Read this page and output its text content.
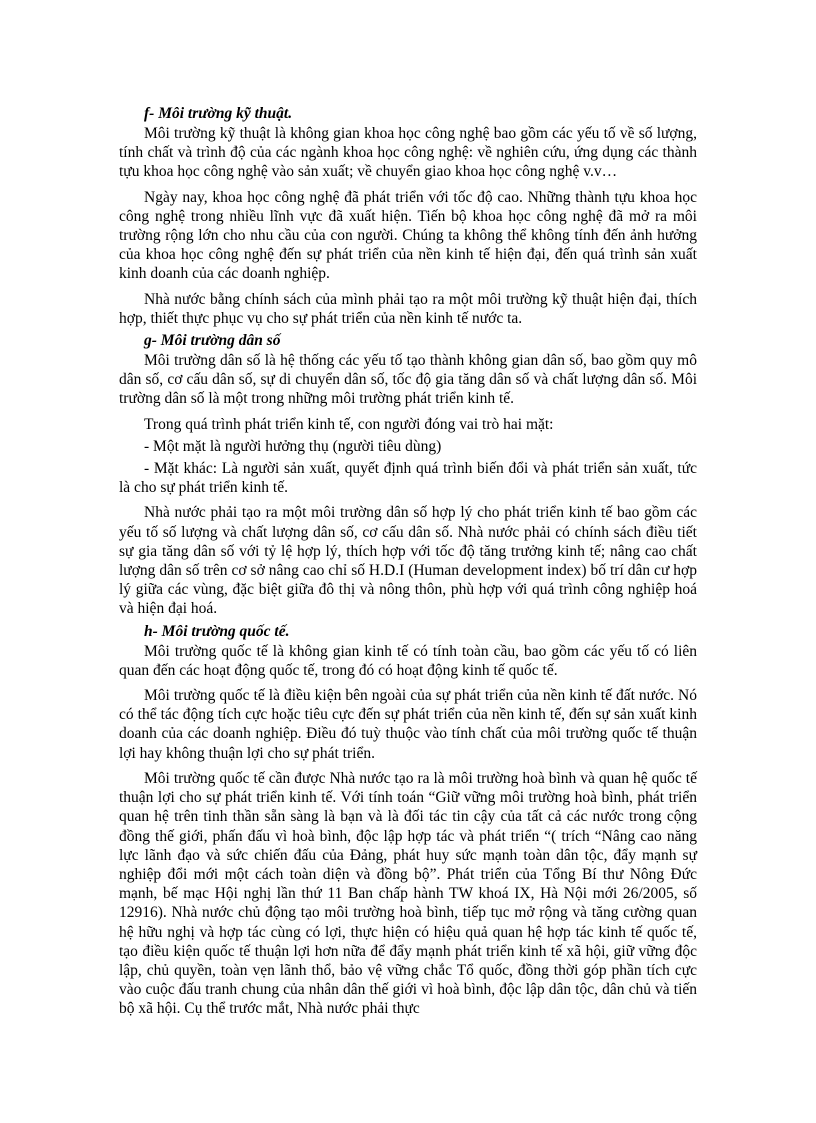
f- Môi trường kỹ thuật.

Môi trường kỹ thuật là không gian khoa học công nghệ bao gồm các yếu tố về số lượng, tính chất và trình độ của các ngành khoa học công nghệ: về nghiên cứu, ứng dụng các thành tựu khoa học công nghệ vào sản xuất; về chuyển giao khoa học công nghệ v.v…

Ngày nay, khoa học công nghệ đã phát triển với tốc độ cao. Những thành tựu khoa học công nghệ trong nhiều lĩnh vực đã xuất hiện. Tiến bộ khoa học công nghệ đã mở ra môi trường rộng lớn cho nhu cầu của con người. Chúng ta không thể không tính đến ảnh hưởng của khoa học công nghệ đến sự phát triển của nền kinh tế hiện đại, đến quá trình sản xuất kinh doanh của các doanh nghiệp.

Nhà nước bằng chính sách của mình phải tạo ra một môi trường kỹ thuật hiện đại, thích hợp, thiết thực phục vụ cho sự phát triển của nền kinh tế nước ta.

g- Môi trường dân số

Môi trường dân số là hệ thống các yếu tố tạo thành không gian dân số, bao gồm quy mô dân số, cơ cấu dân số, sự di chuyển dân số, tốc độ gia tăng dân số và chất lượng dân số. Môi trường dân số là một trong những môi trường phát triển kinh tế.

Trong quá trình phát triển kinh tế, con người đóng vai trò hai mặt:

- Một mặt là người hưởng thụ (người tiêu dùng)

- Mặt khác: Là người sản xuất, quyết định quá trình biến đổi và phát triển sản xuất, tức là cho sự phát triển kinh tế.

Nhà nước phải tạo ra một môi trường dân số hợp lý cho phát triển kinh tế bao gồm các yếu tố số lượng và chất lượng dân số, cơ cấu dân số. Nhà nước phải có chính sách điều tiết sự gia tăng dân số với tỷ lệ hợp lý, thích hợp với tốc độ tăng trưởng kinh tế; nâng cao chất lượng dân số trên cơ sở nâng cao chỉ số H.D.I (Human development index) bố trí dân cư hợp lý giữa các vùng, đặc biệt giữa đô thị và nông thôn, phù hợp với quá trình công nghiệp hoá và hiện đại hoá.

h- Môi trường quốc tế.

Môi trường quốc tế là không gian kinh tế có tính toàn cầu, bao gồm các yếu tố có liên quan đến các hoạt động quốc tế, trong đó có hoạt động kinh tế quốc tế.

Môi trường quốc tế là điều kiện bên ngoài của sự phát triển của nền kinh tế đất nước. Nó có thể tác động tích cực hoặc tiêu cực đến sự phát triển của nền kinh tế, đến sự sản xuất kinh doanh của các doanh nghiệp. Điều đó tuỳ thuộc vào tính chất của môi trường quốc tế thuận lợi hay không thuận lợi cho sự phát triển.

Môi trường quốc tế cần được Nhà nước tạo ra là môi trường hoà bình và quan hệ quốc tế thuận lợi cho sự phát triển kinh tế. Với tính toán “Giữ vững môi trường hoà bình, phát triển quan hệ trên tinh thần sẵn sàng là bạn và là đối tác tin cậy của tất cả các nước trong cộng đồng thế giới, phấn đấu vì hoà bình, độc lập hợp tác và phát triển “( trích “Nâng cao năng lực lãnh đạo và sức chiến đấu của Đảng, phát huy sức mạnh toàn dân tộc, đẩy mạnh sự nghiệp đổi mới một cách toàn diện và đồng bộ”. Phát triển của Tổng Bí thư Nông Đức mạnh, bế mạc Hội nghị lần thứ 11 Ban chấp hành TW khoá IX, Hà Nội mới 26/2005, số 12916). Nhà nước chủ động tạo môi trường hoà bình, tiếp tục mở rộng và tăng cường quan hệ hữu nghị và hợp tác cùng có lợi, thực hiện có hiệu quả quan hệ hợp tác kinh tế quốc tế, tạo điều kiện quốc tế thuận lợi hơn nữa để đẩy mạnh phát triển kinh tế xã hội, giữ vững độc lập, chủ quyền, toàn vẹn lãnh thổ, bảo vệ vững chắc Tổ quốc, đồng thời góp phần tích cực vào cuộc đấu tranh chung của nhân dân thế giới vì hoà bình, độc lập dân tộc, dân chủ và tiến bộ xã hội. Cụ thể trước mắt, Nhà nước phải thực
